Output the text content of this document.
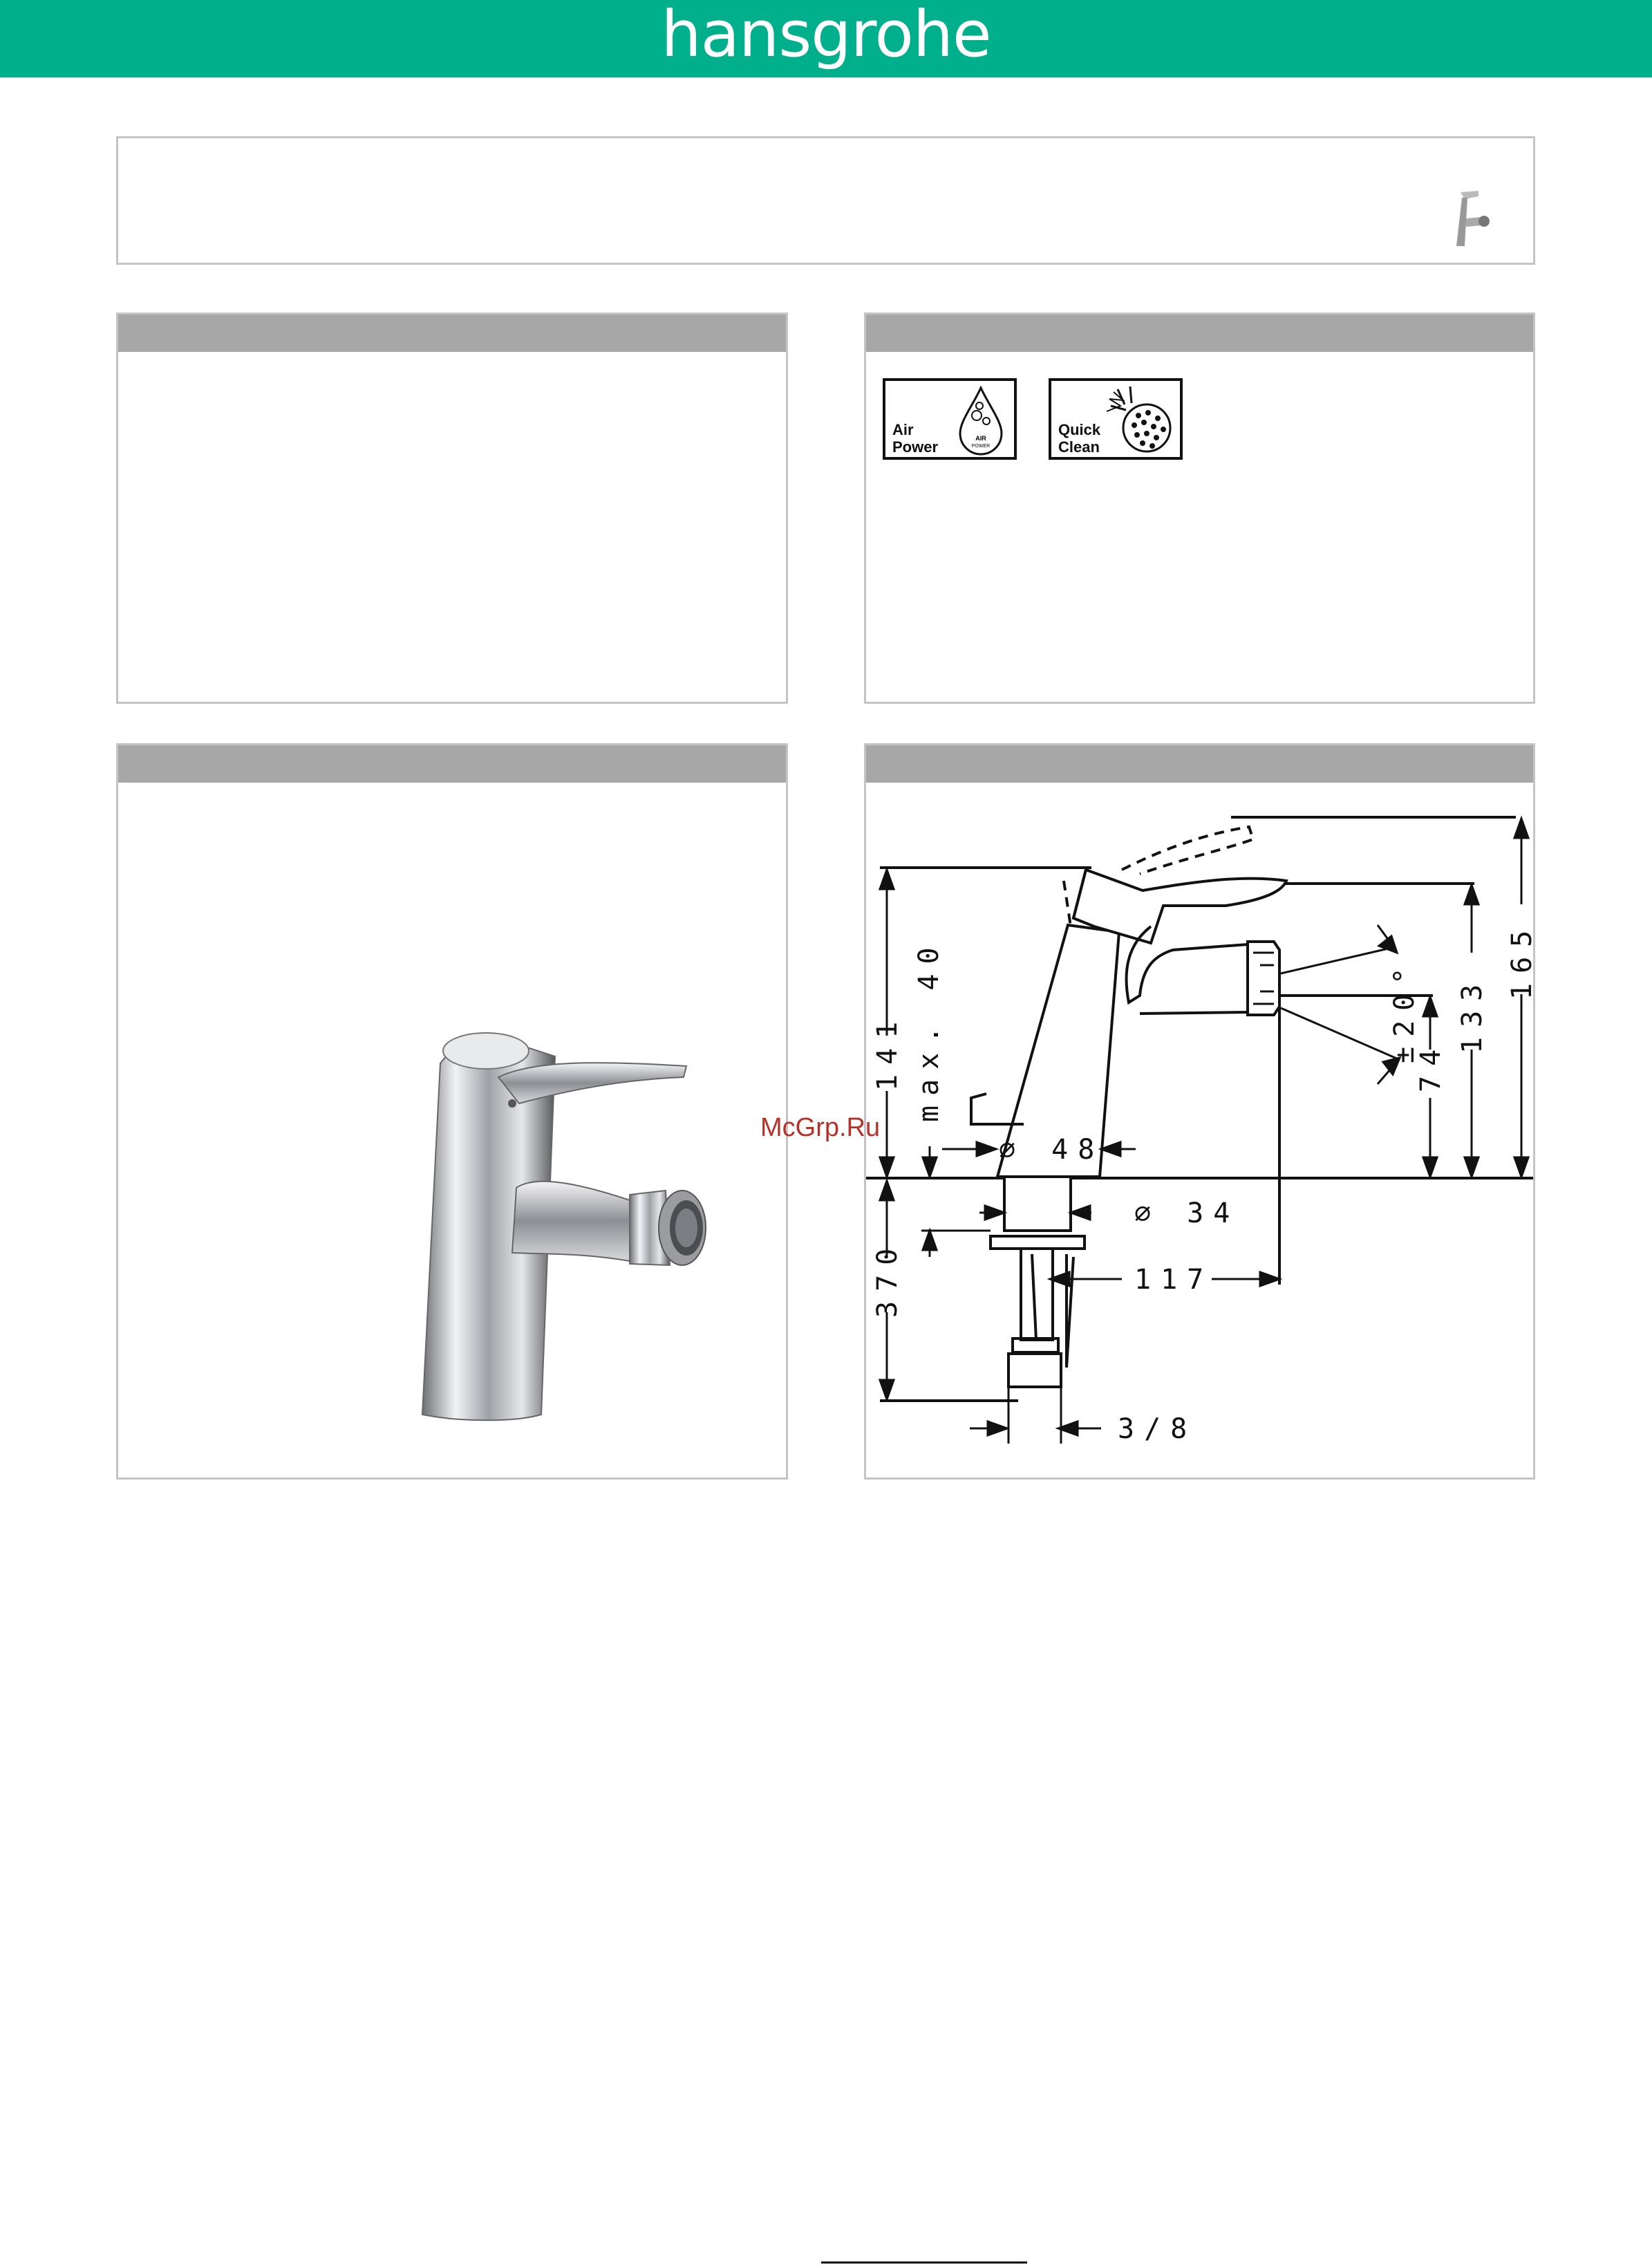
hansgrohe
AIR
POWER
Air
Power
Quick
Clean
141 max. 40
370
∅ 48
∅ 34
117
3/8
±20°
74
133
165
McGrp.Ru
